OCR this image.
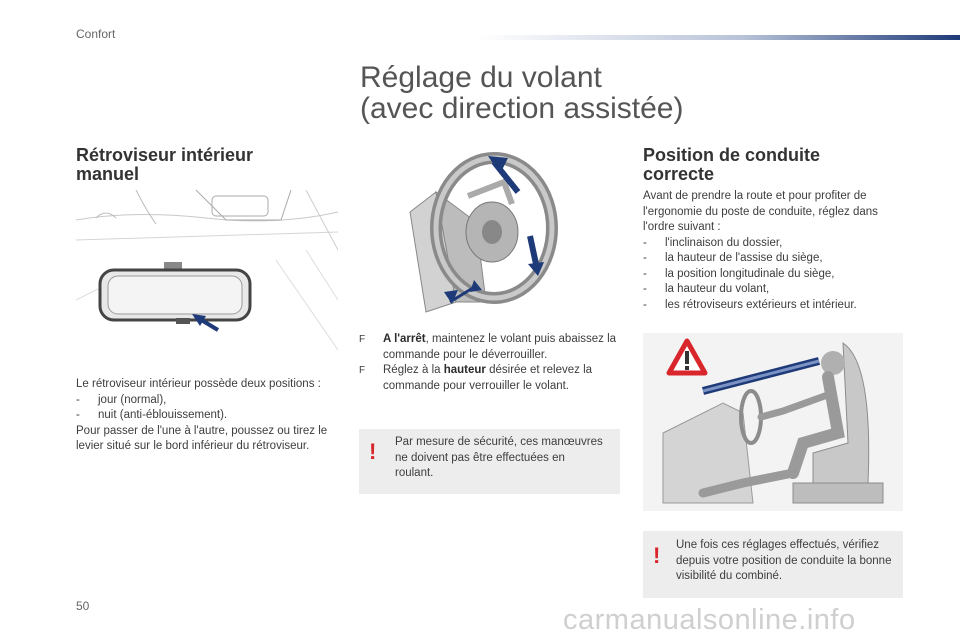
Confort
Réglage du volant
(avec direction assistée)
Rétroviseur intérieur
manuel
Le rétroviseur intérieur possède deux positions :
- jour (normal),
- nuit (anti-éblouissement).
Pour passer de l'une à l'autre, poussez ou tirez le levier situé sur le bord inférieur du rétroviseur.
F A l'arrêt, maintenez le volant puis abaissez la commande pour le déverrouiller.
F Réglez à la hauteur désirée et relevez la commande pour verrouiller le volant.
! Par mesure de sécurité, ces manœuvres ne doivent pas être effectuées en roulant.
Position de conduite
correcte
Avant de prendre la route et pour profiter de l'ergonomie du poste de conduite, réglez dans l'ordre suivant :
- l'inclinaison du dossier,
- la hauteur de l'assise du siège,
- la position longitudinale du siège,
- la hauteur du volant,
- les rétroviseurs extérieurs et intérieur.
! Une fois ces réglages effectués, vérifiez depuis votre position de conduite la bonne visibilité du combiné.
50	carmanualsonline.info
